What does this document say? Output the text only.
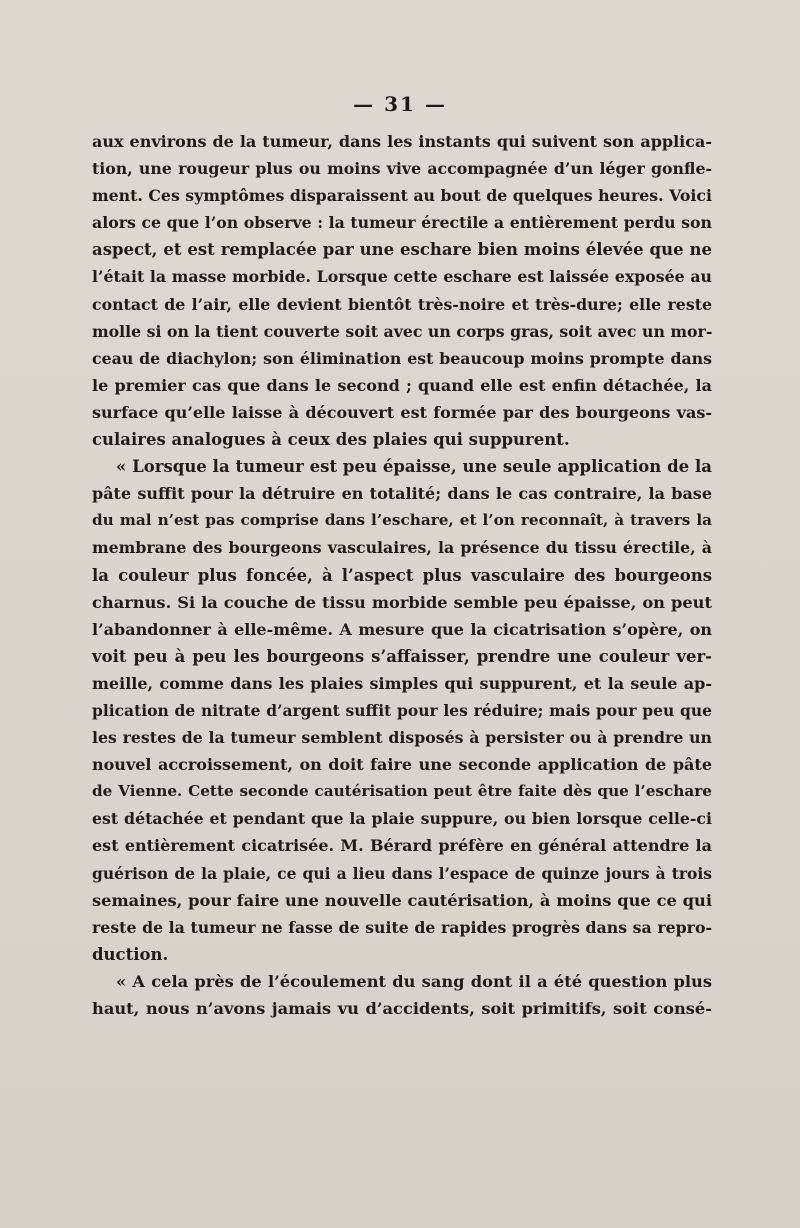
— 31 —
aux environs de la tumeur, dans les instants qui suivent son applica-
tion, une rougeur plus ou moins vive accompagnée d’un léger gonfle-
ment. Ces symptômes disparaissent au bout de quelques heures. Voici
alors ce que l’on observe : la tumeur érectile a entièrement perdu son
aspect, et est remplacée par une eschare bien moins élevée que ne
l’était la masse morbide. Lorsque cette eschare est laissée exposée au
contact de l’air, elle devient bientôt très-noire et très-dure; elle reste
molle si on la tient couverte soit avec un corps gras, soit avec un mor-
ceau de diachylon; son élimination est beaucoup moins prompte dans
le premier cas que dans le second ; quand elle est enfin détachée, la
surface qu’elle laisse à découvert est formée par des bourgeons vas-
culaires analogues à ceux des plaies qui suppurent.
« Lorsque la tumeur est peu épaisse, une seule application de la
pâte suffit pour la détruire en totalité; dans le cas contraire, la base
du mal n’est pas comprise dans l’eschare, et l’on reconnaît, à travers la
membrane des bourgeons vasculaires, la présence du tissu érectile, à
la couleur plus foncée, à l’aspect plus vasculaire des bourgeons
charnus. Si la couche de tissu morbide semble peu épaisse, on peut
l’abandonner à elle-même. A mesure que la cicatrisation s’opère, on
voit peu à peu les bourgeons s’affaisser, prendre une couleur ver-
meille, comme dans les plaies simples qui suppurent, et la seule ap-
plication de nitrate d’argent suffit pour les réduire; mais pour peu que
les restes de la tumeur semblent disposés à persister ou à prendre un
nouvel accroissement, on doit faire une seconde application de pâte
de Vienne. Cette seconde cautérisation peut être faite dès que l’eschare
est détachée et pendant que la plaie suppure, ou bien lorsque celle-ci
est entièrement cicatrisée. M. Bérard préfère en général attendre la
guérison de la plaie, ce qui a lieu dans l’espace de quinze jours à trois
semaines, pour faire une nouvelle cautérisation, à moins que ce qui
reste de la tumeur ne fasse de suite de rapides progrès dans sa repro-
duction.
« A cela près de l’écoulement du sang dont il a été question plus
haut, nous n’avons jamais vu d’accidents, soit primitifs, soit consé-
